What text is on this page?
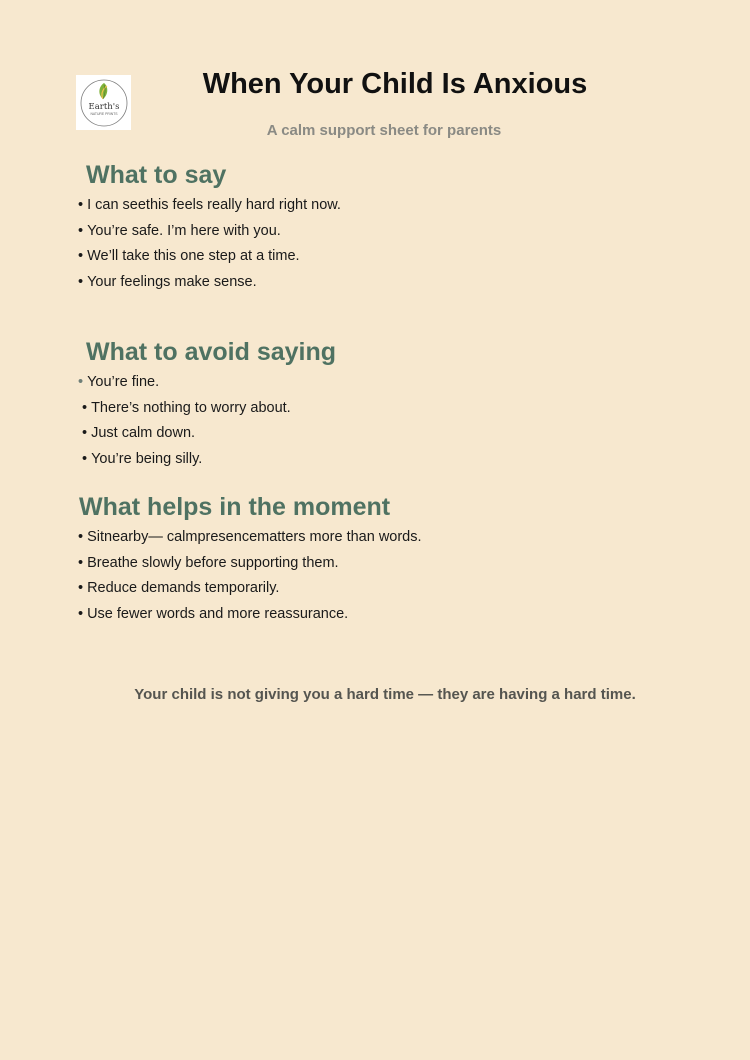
Earth's
NATURE PRINTS
When Your Child Is Anxious

A calm support sheet for parents

What to say
• I can seethis feels really hard right now.
• You’re safe. I’m here with you.
• We’ll take this one step at a time.
• Your feelings make sense.
What to avoid saying
• You’re fine.
• There’s nothing to worry about.
• Just calm down.
• You’re being silly.
What helps in the moment
• Sitnearby— calmpresencematters more than words.
• Breathe slowly before supporting them.
• Reduce demands temporarily.
• Use fewer words and more reassurance.

Your child is not giving you a hard time — they are having a hard time.
